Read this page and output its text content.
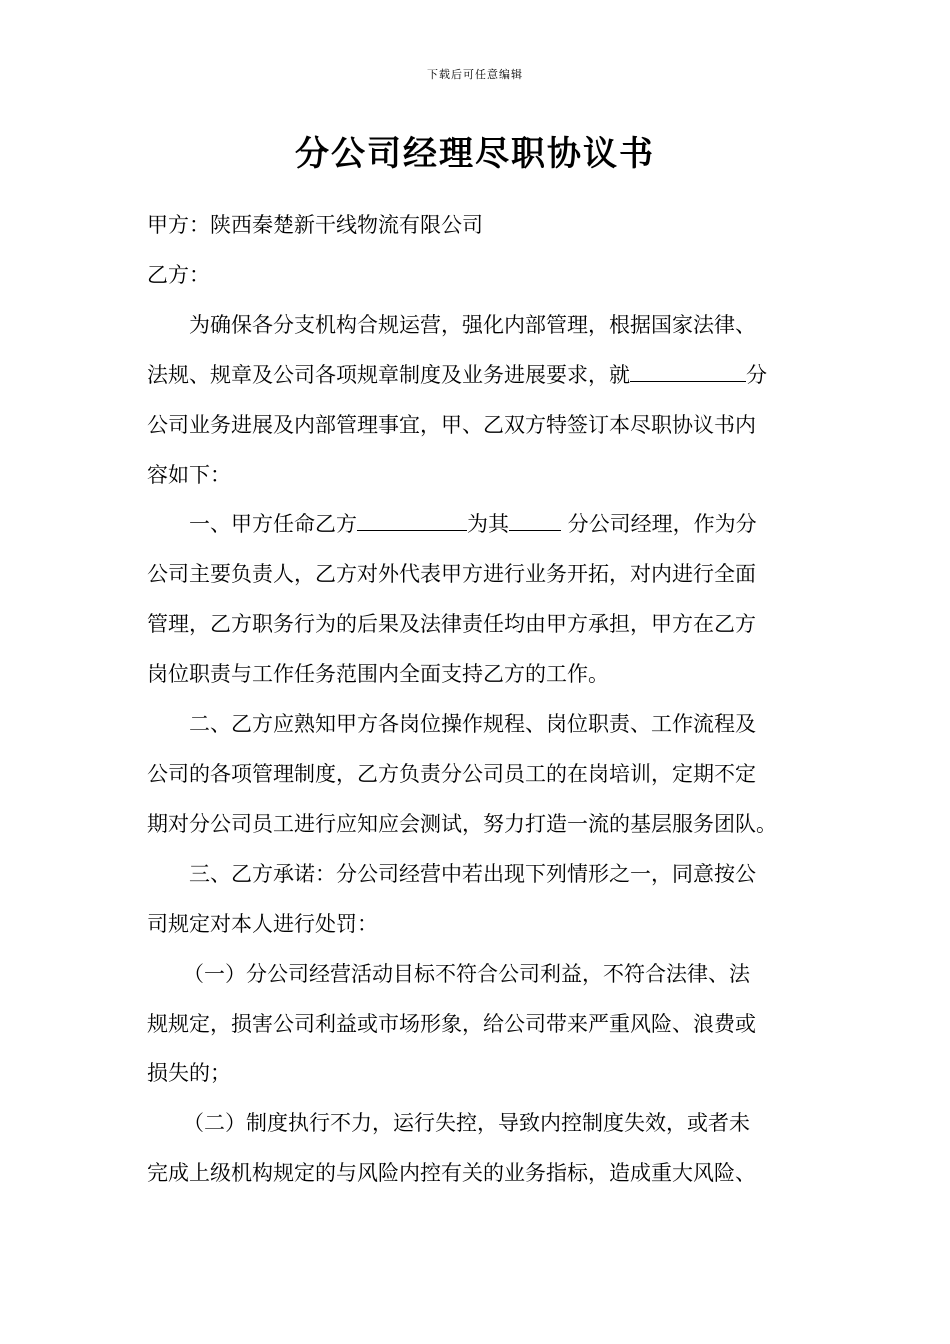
下载后可任意编辑
分公司经理尽职协议书
甲方：陕西秦楚新干线物流有限公司
乙方：
为确保各分支机构合规运营，强化内部管理，根据国家法律、
法规、规章及公司各项规章制度及业务进展要求，就	分
公司业务进展及内部管理事宜，甲、乙双方特签订本尽职协议书内
容如下：
一、甲方任命乙方	为其 分公司经理，作为分
公司主要负责人，乙方对外代表甲方进行业务开拓，对内进行全面
管理，乙方职务行为的后果及法律责任均由甲方承担，甲方在乙方
岗位职责与工作任务范围内全面支持乙方的工作。
二、乙方应熟知甲方各岗位操作规程、岗位职责、工作流程及
公司的各项管理制度，乙方负责分公司员工的在岗培训，定期不定
期对分公司员工进行应知应会测试，努力打造一流的基层服务团队。
三、乙方承诺：分公司经营中若出现下列情形之一，同意按公
司规定对本人进行处罚：
（一）分公司经营活动目标不符合公司利益，不符合法律、法
规规定，损害公司利益或市场形象，给公司带来严重风险、浪费或
损失的；
（二）制度执行不力，运行失控，导致内控制度失效，或者未
完成上级机构规定的与风险内控有关的业务指标，造成重大风险、
